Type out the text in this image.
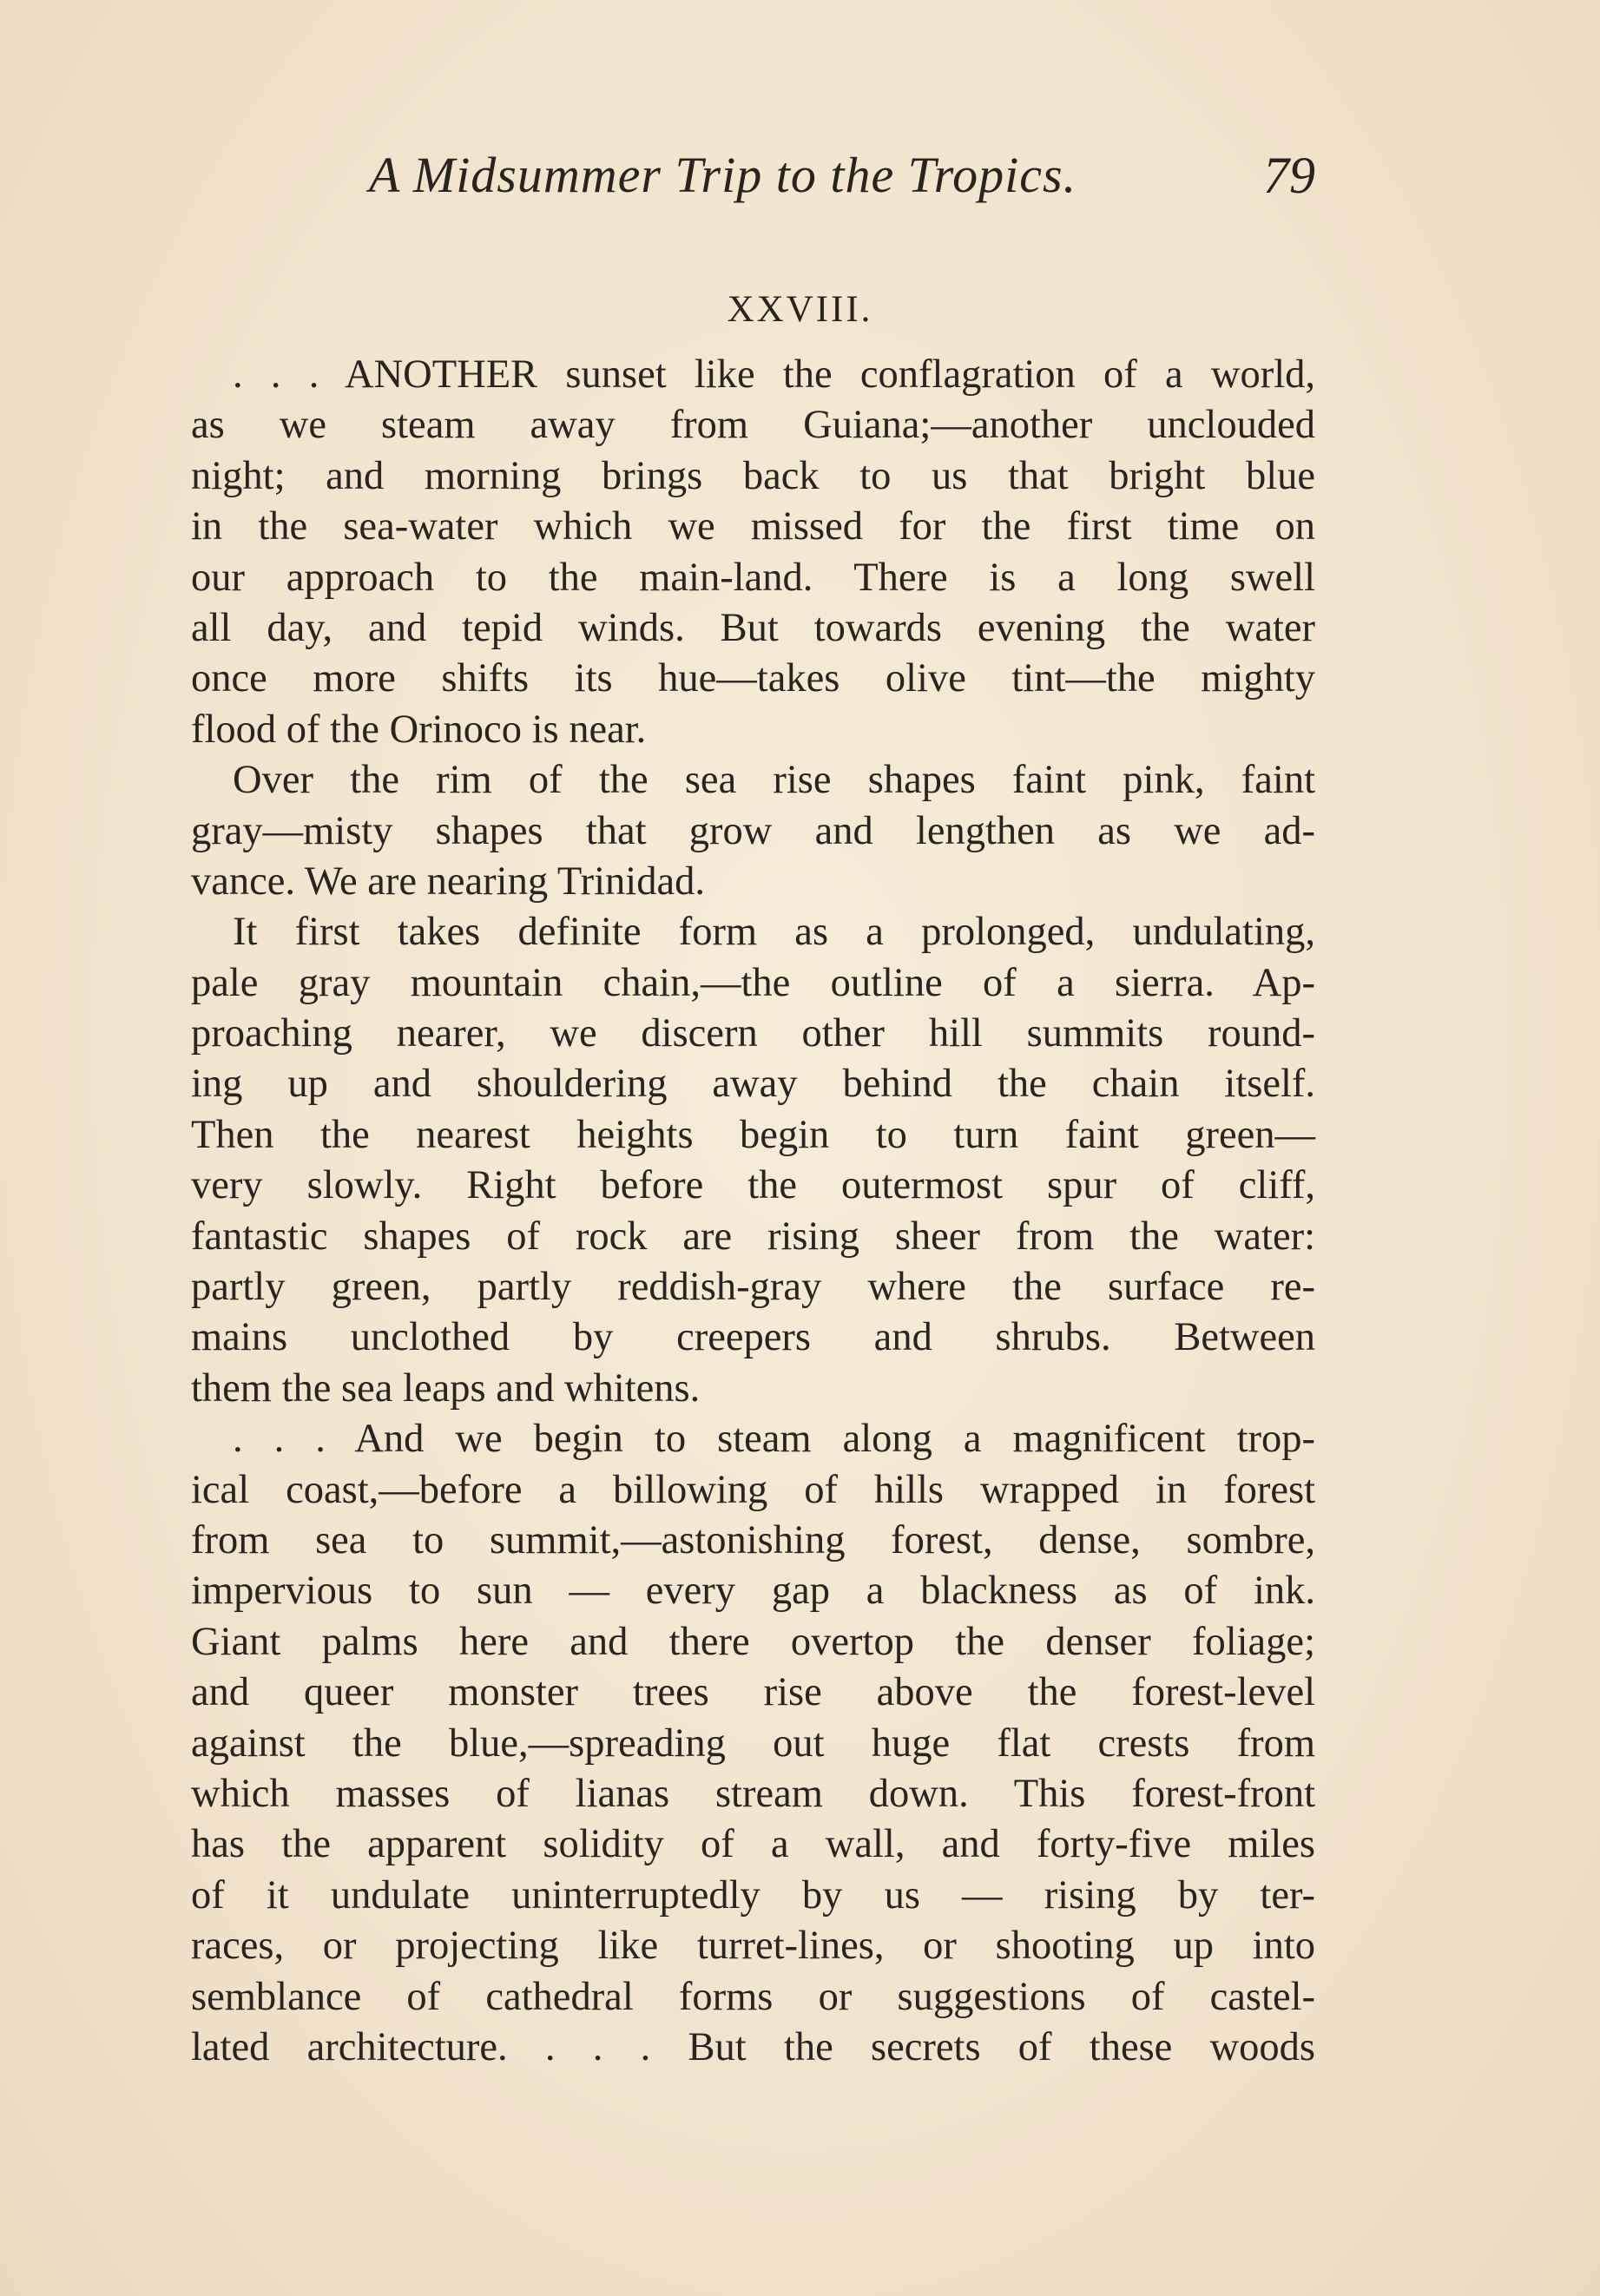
A Midsummer Trip to the Tropics.	79
XXVIII.
. . . ANOTHER sunset like the conflagration of a world,
as we steam away from Guiana;—another unclouded
night; and morning brings back to us that bright blue
in the sea-water which we missed for the first time on
our approach to the main-land. There is a long swell
all day, and tepid winds. But towards evening the water
once more shifts its hue—takes olive tint—the mighty
flood of the Orinoco is near.
Over the rim of the sea rise shapes faint pink, faint
gray—misty shapes that grow and lengthen as we ad-
vance. We are nearing Trinidad.
It first takes definite form as a prolonged, undulating,
pale gray mountain chain,—the outline of a sierra. Ap-
proaching nearer, we discern other hill summits round-
ing up and shouldering away behind the chain itself.
Then the nearest heights begin to turn faint green—
very slowly. Right before the outermost spur of cliff,
fantastic shapes of rock are rising sheer from the water:
partly green, partly reddish-gray where the surface re-
mains unclothed by creepers and shrubs. Between
them the sea leaps and whitens.
. . . And we begin to steam along a magnificent trop-
ical coast,—before a billowing of hills wrapped in forest
from sea to summit,—astonishing forest, dense, sombre,
impervious to sun — every gap a blackness as of ink.
Giant palms here and there overtop the denser foliage;
and queer monster trees rise above the forest-level
against the blue,—spreading out huge flat crests from
which masses of lianas stream down. This forest-front
has the apparent solidity of a wall, and forty-five miles
of it undulate uninterruptedly by us — rising by ter-
races, or projecting like turret-lines, or shooting up into
semblance of cathedral forms or suggestions of castel-
lated architecture. . . . But the secrets of these woods
